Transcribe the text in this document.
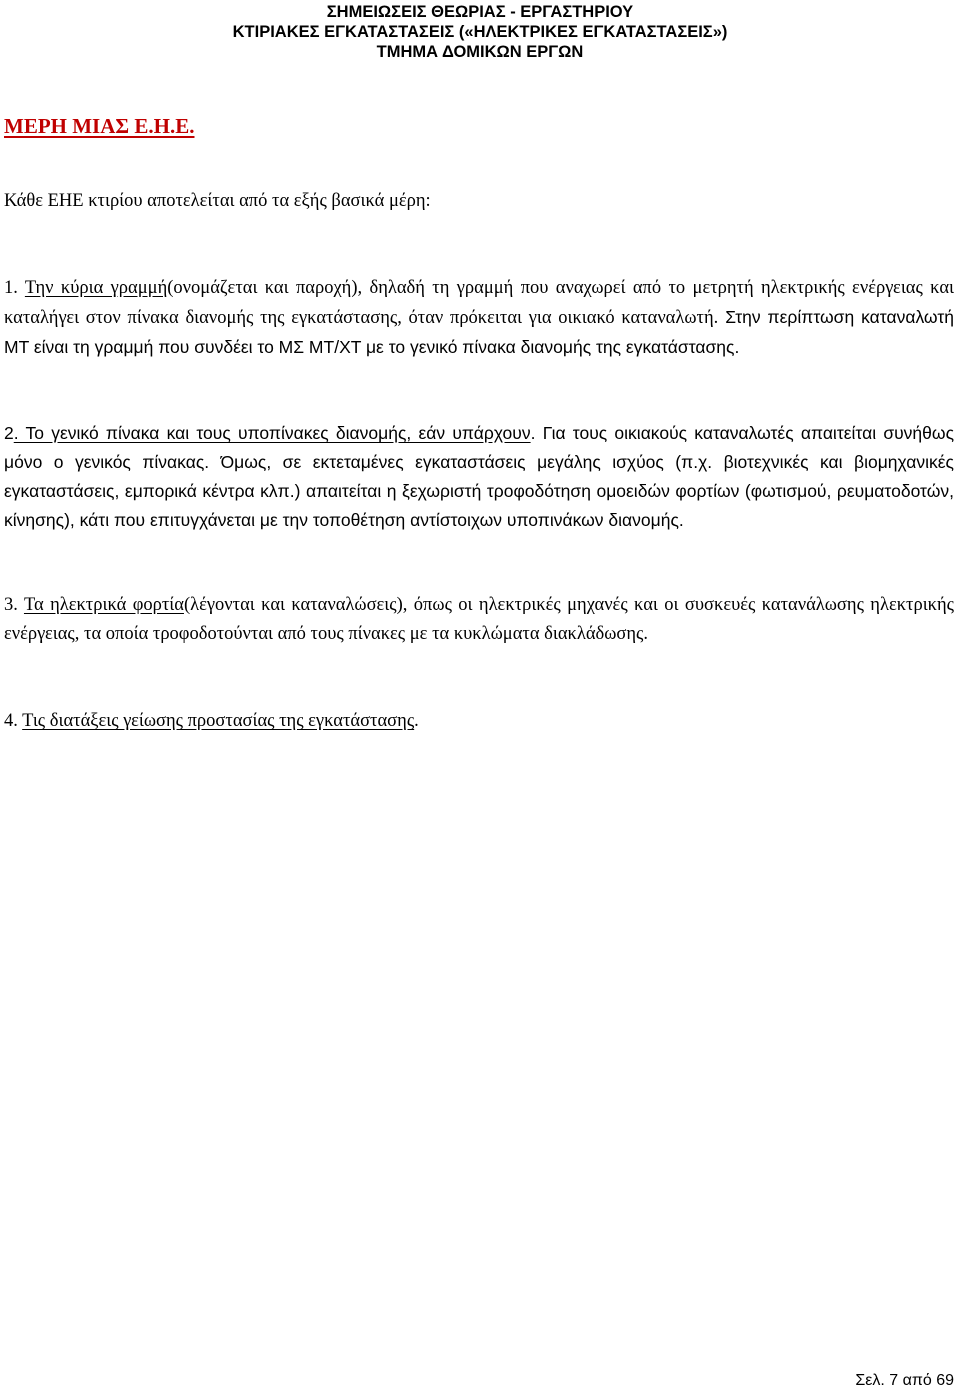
ΣΗΜΕΙΩΣΕΙΣ ΘΕΩΡΙΑΣ - ΕΡΓΑΣΤΗΡΙΟΥ
ΚΤΙΡΙΑΚΕΣ ΕΓΚΑΤΑΣΤΑΣΕΙΣ («ΗΛΕΚΤΡΙΚΕΣ ΕΓΚΑΤΑΣΤΑΣΕΙΣ»)
ΤΜΗΜΑ ΔΟΜΙΚΩΝ ΕΡΓΩΝ
ΜΕΡΗ ΜΙΑΣ Ε.Η.Ε.
Κάθε ΕΗΕ κτιρίου αποτελείται από τα εξής βασικά μέρη:

1. Την κύρια γραμμή(ονομάζεται και παροχή), δηλαδή τη γραμμή που αναχωρεί από το μετρητή ηλεκτρικής ενέργειας και καταλήγει στον πίνακα διανομής της εγκατάστασης, όταν πρόκειται για οικιακό καταναλωτή. Στην περίπτωση καταναλωτή ΜΤ είναι τη γραμμή που συνδέει το ΜΣ ΜΤ/ΧΤ με το γενικό πίνακα διανομής της εγκατάστασης.

2. Το γενικό πίνακα και τους υποπίνακες διανομής, εάν υπάρχουν. Για τους οικιακούς καταναλωτές απαιτείται συνήθως μόνο ο γενικός πίνακας. Όμως, σε εκτεταμένες εγκαταστάσεις μεγάλης ισχύος (π.χ. βιοτεχνικές και βιομηχανικές εγκαταστάσεις, εμπορικά κέντρα κλπ.) απαιτείται η ξεχωριστή τροφοδότηση ομοειδών φορτίων (φωτισμού, ρευματοδοτών, κίνησης), κάτι που επιτυγχάνεται με την τοποθέτηση αντίστοιχων υποπινάκων διανομής.

3. Τα ηλεκτρικά φορτία(λέγονται και καταναλώσεις), όπως οι ηλεκτρικές μηχανές και οι συσκευές κατανάλωσης ηλεκτρικής ενέργειας, τα οποία τροφοδοτούνται από τους πίνακες με τα κυκλώματα διακλάδωσης.

4. Τις διατάξεις γείωσης προστασίας της εγκατάστασης.

Σελ. 7 από 69
